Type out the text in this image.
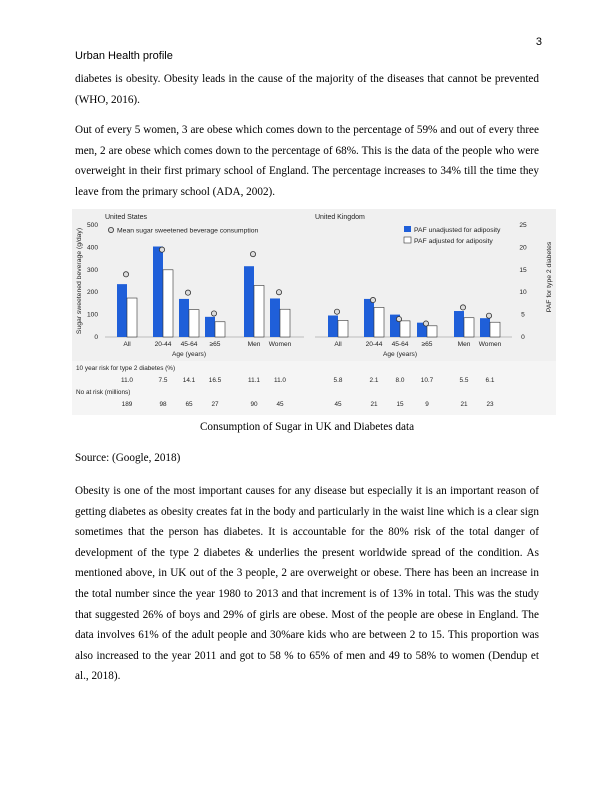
3
Urban Health profile

diabetes is obesity. Obesity leads in the cause of the majority of the diseases that cannot be prevented (WHO, 2016).

Out of every 5 women, 3 are obese which comes down to the percentage of 59% and out of every three men, 2 are obese which comes down to the percentage of 68%. This is the data of the people who were overweight in their first primary school of England. The percentage increases to 34% till the time they leave from the primary school (ADA, 2002).

Sugar sweetened beverage (g/day)	PAF for type 2 diabetes
0
100
200
300
400
500
0
5
10
15
20
25
United States	United Kingdom
Mean sugar sweetened beverage consumption	PAF unadjusted for adiposity
PAF adjusted for adiposity
All	20-44 45-64 ≥65	Men Women	All	20-44 45-64 ≥65	Men Women
Age (years)	Age (years)
10 year risk for type 2 diabetes (%)
No at risk (millions)
11.0	7.5 14.1 16.5	11.1 11.0	5.8	2.1	8.0	10.7	5.5	6.1
189	98	65	27	90	45	45	21	15	9	21	23
Consumption of Sugar in UK and Diabetes data
Source: (Google, 2018)

Obesity is one of the most important causes for any disease but especially it is an important reason of getting diabetes as obesity creates fat in the body and particularly in the waist line which is a clear sign sometimes that the person has diabetes. It is accountable for the 80% risk of the total danger of development of the type 2 diabetes & underlies the present worldwide spread of the condition. As mentioned above, in UK out of the 3 people, 2 are overweight or obese. There has been an increase in the total number since the year 1980 to 2013 and that increment is of 13% in total. This was the study that suggested 26% of boys and 29% of girls are obese. Most of the people are obese in England. The data involves 61% of the adult people and 30%are kids who are between 2 to 15. This proportion was also increased to the year 2011 and got to 58 % to 65% of men and 49 to 58% to women (Dendup et al., 2018).
